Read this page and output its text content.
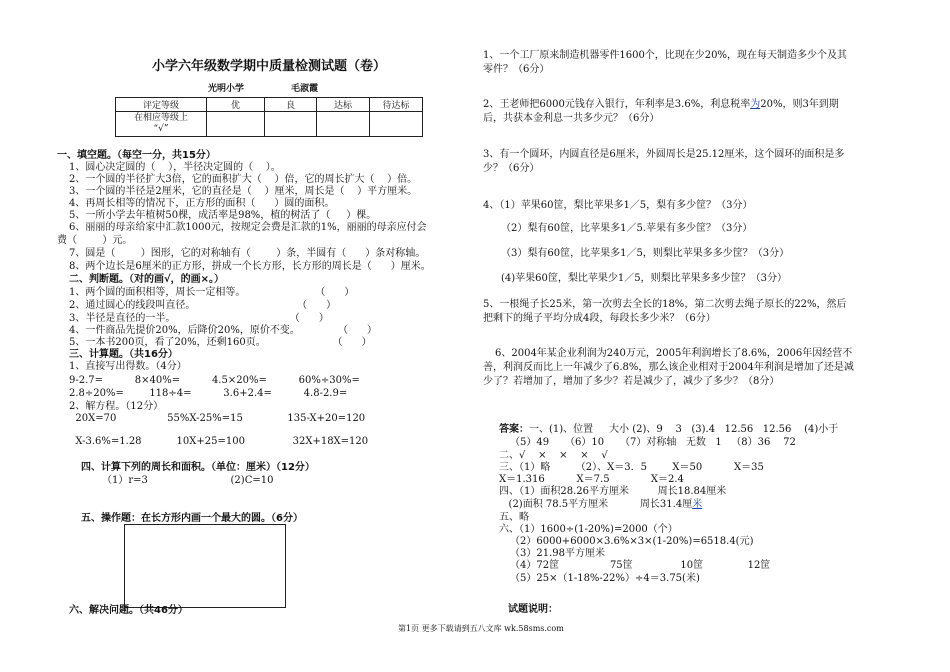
小学六年级数学期中质量检测试题（卷）
光明小学	毛淑霞
评定等级	优	良	达标	待达标
在相应等级上
“√”				
一、填空题。（每空一分，共15分）
1、圆心决定圆的（    ），半径决定圆的（    ）。
2、一个圆的半径扩大3倍，它的面积扩大（    ）倍，它的周长扩大（    ）倍。
3、一个圆的半径是2厘米，它的直径是（    ）厘米，周长是（    ）平方厘米。
4、再周长相等的情况下，正方形的面积（      ）圆的面积。
5、一所小学去年植树50棵，成活率是98%，植的树活了（     ）棵。
6、丽丽的母亲给家中汇款1000元，按规定会费是汇款的1%，丽丽的母亲应付会
费（        ）元。
7、圆是（        ）图形，它的对称轴有（        ）条，半圆有（      ）条对称轴。
8、两个边长是6厘米的正方形，拼成一个长方形，长方形的周长是（      ）厘米。
二、判断题。（对的画√，的画×。）
1、两个圆的面积相等，周长一定相等。                      （      ）
2、通过圆心的线段叫直径。                                （      ）
3、半径是直径的一半。                                    （      ）
4、一件商品先提价20%，后降价20%，原价不变。            （      ）
5、一本书200页，看了20%，还剩160页。                     （      ）
三、计算题。（共16分）
1、直接写出得数。（4分）
9-2.7=          8×40%=          4.5×20%=          60%÷30%=
2.8÷20%=        118÷4=          3.6+2.4=          4.8-2.9=
2、解方程。（12分）
20X=70                55%X-25%=15              135-X+20=120
X-3.6%=1.28           10X+25=100               32X+18X=120
四、计算下列的周长和面积。（单位：厘米）（12分）
（1）r=3                          (2)C=10
五、操作题：在长方形内画一个最大的圆。（6分）
六、解决问题。（共46分）
1、一个工厂原来制造机器零件1600个，比现在少20%，现在每天制造多少个及其
零件？（6分）
2、王老师把6000元钱存入银行，年利率是3.6%，利息税率为20%，则3年到期
后，共获本金利息一共多少元？（6分）
3、有一个圆环，内圆直径是6厘米，外圆周长是25.12厘米，这个圆环的面积是多
少？（6分）
4、（1）苹果60筐，梨比苹果多1／5，梨有多少筐？（3分）
（2）梨有60筐，比苹果多1／5.苹果有多少筐？（3分）
（3）梨有60筐，比苹果多1／5，则梨比苹果多多少筐？（3分）
(4)苹果60筐，梨比苹果少1／5，则梨比苹果多多少筐？（3分）
5、一根绳子长25米，第一次剪去全长的18%，第二次剪去绳子原长的22%，然后
把剩下的绳子平均分成4段，每段长多少米？（6分）
6、2004年某企业利润为240万元，2005年利润增长了8.6%，2006年因经营不
善，利润反而比上一年减少了6.8%，那么该企业相对于2004年利润是增加了还是减
少了？若增加了，增加了多少？若是减少了，减少了多少？（8分）
答案：一、(1)、位置     大小 (2)、9    3   (3).4   12.56   12.56    (4)小于
（5）49     （6）10     （7）对称轴   无数   1   （8）36    72
二、√    ×    ×    ×    √
三、（1）略        （2）、X＝3．5        X＝50          X＝35
X＝1.316          X＝7.5             X＝2.4
四、（1）面积28.26平方厘米         周长18.84厘米
(2)面积 78.5平方厘米          周长31.4厘米
五、略
六、（1）1600÷(1-20%)=2000（个）
（2）6000+6000×3.6%×3×(1-20%)=6518.4(元)
（3）21.98平方厘米
（4）72筐                75筐               10筐              12筐
（5）25×（1-18%-22%）÷4＝3.75(米)
试题说明：
第1页 更多下载请到五八文库 wk.58sms.com
